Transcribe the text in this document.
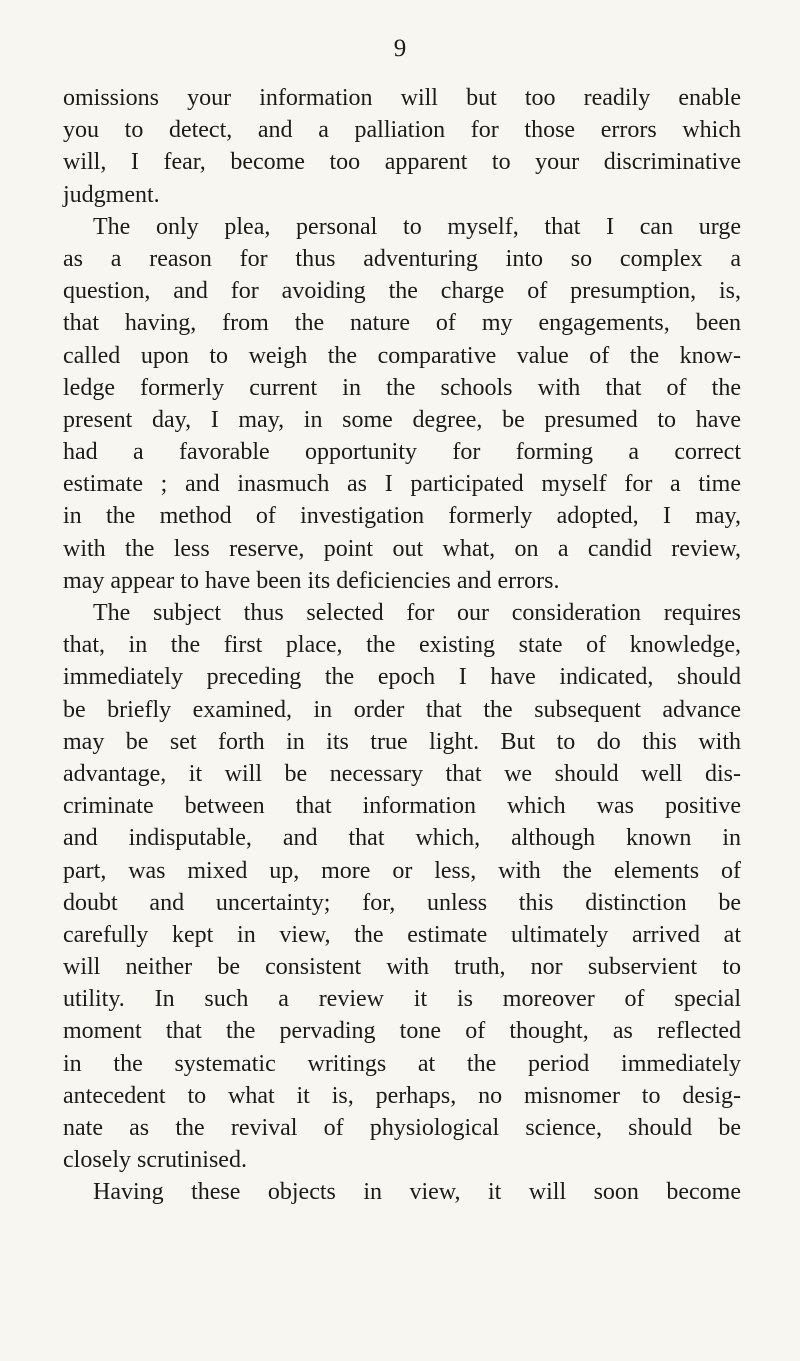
9
omissions your information will but too readily enable
you to detect, and a palliation for those errors which
will, I fear, become too apparent to your discriminative
judgment.
The only plea, personal to myself, that I can urge
as a reason for thus adventuring into so complex a
question, and for avoiding the charge of presumption, is,
that having, from the nature of my engagements, been
called upon to weigh the comparative value of the know-
ledge formerly current in the schools with that of the
present day, I may, in some degree, be presumed to have
had a favorable opportunity for forming a correct
estimate ; and inasmuch as I participated myself for a time
in the method of investigation formerly adopted, I may,
with the less reserve, point out what, on a candid review,
may appear to have been its deficiencies and errors.
The subject thus selected for our consideration requires
that, in the first place, the existing state of knowledge,
immediately preceding the epoch I have indicated, should
be briefly examined, in order that the subsequent advance
may be set forth in its true light. But to do this with
advantage, it will be necessary that we should well dis-
criminate between that information which was positive
and indisputable, and that which, although known in
part, was mixed up, more or less, with the elements of
doubt and uncertainty; for, unless this distinction be
carefully kept in view, the estimate ultimately arrived at
will neither be consistent with truth, nor subservient to
utility. In such a review it is moreover of special
moment that the pervading tone of thought, as reflected
in the systematic writings at the period immediately
antecedent to what it is, perhaps, no misnomer to desig-
nate as the revival of physiological science, should be
closely scrutinised.
Having these objects in view, it will soon become
